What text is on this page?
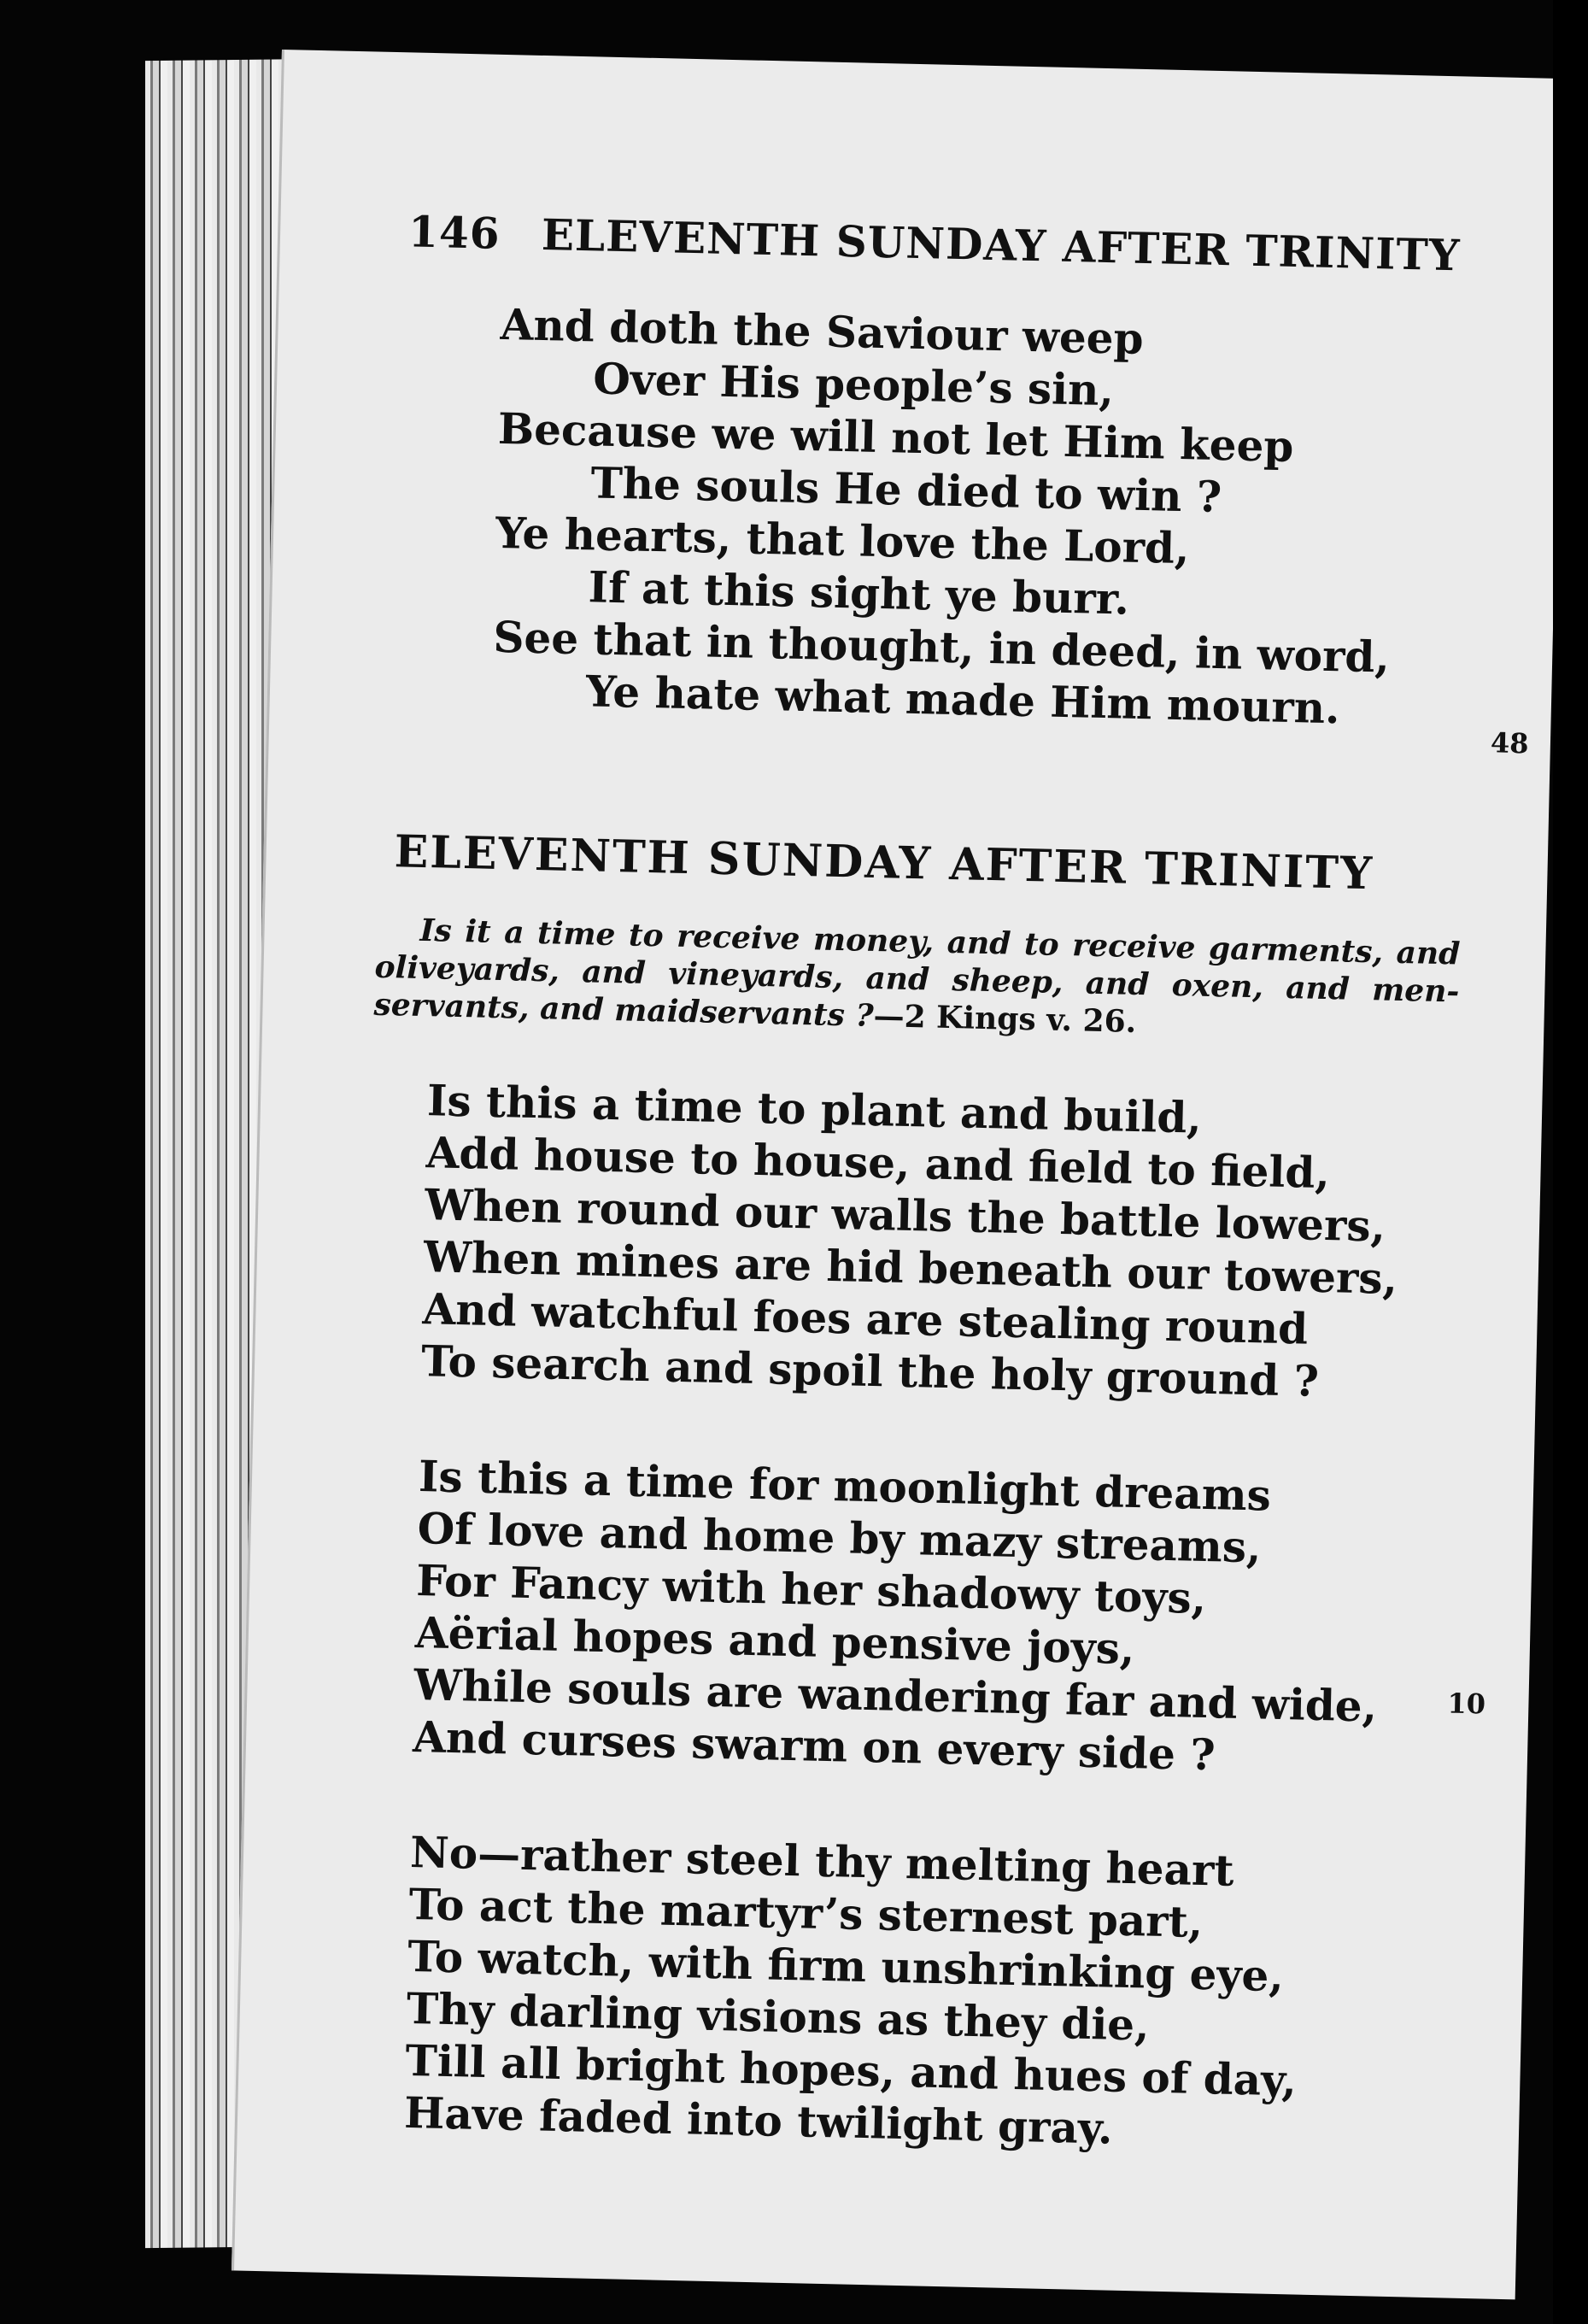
146 ELEVENTH SUNDAY AFTER TRINITY
And doth the Saviour weep
Over His people’s sin,
Because we will not let Him keep
The souls He died to win ?
Ye hearts, that love the Lord,
If at this sight ye burr.
See that in thought, in deed, in word,
Ye hate what made Him mourn.
48
ELEVENTH SUNDAY AFTER TRINITY
Is it a time to receive money, and to receive garments, and oliveyards, and vineyards, and sheep, and oxen, and men-servants, and maidservants ?—2 Kings v. 26.
Is this a time to plant and build,
Add house to house, and field to field,
When round our walls the battle lowers,
When mines are hid beneath our towers,
And watchful foes are stealing round
To search and spoil the holy ground ?
Is this a time for moonlight dreams
Of love and home by mazy streams,
For Fancy with her shadowy toys,
Aërial hopes and pensive joys,
While souls are wandering far and wide,
And curses swarm on every side ?
No—rather steel thy melting heart
To act the martyr’s sternest part,
To watch, with firm unshrinking eye,
Thy darling visions as they die,
Till all bright hopes, and hues of day,
Have faded into twilight gray.
10
